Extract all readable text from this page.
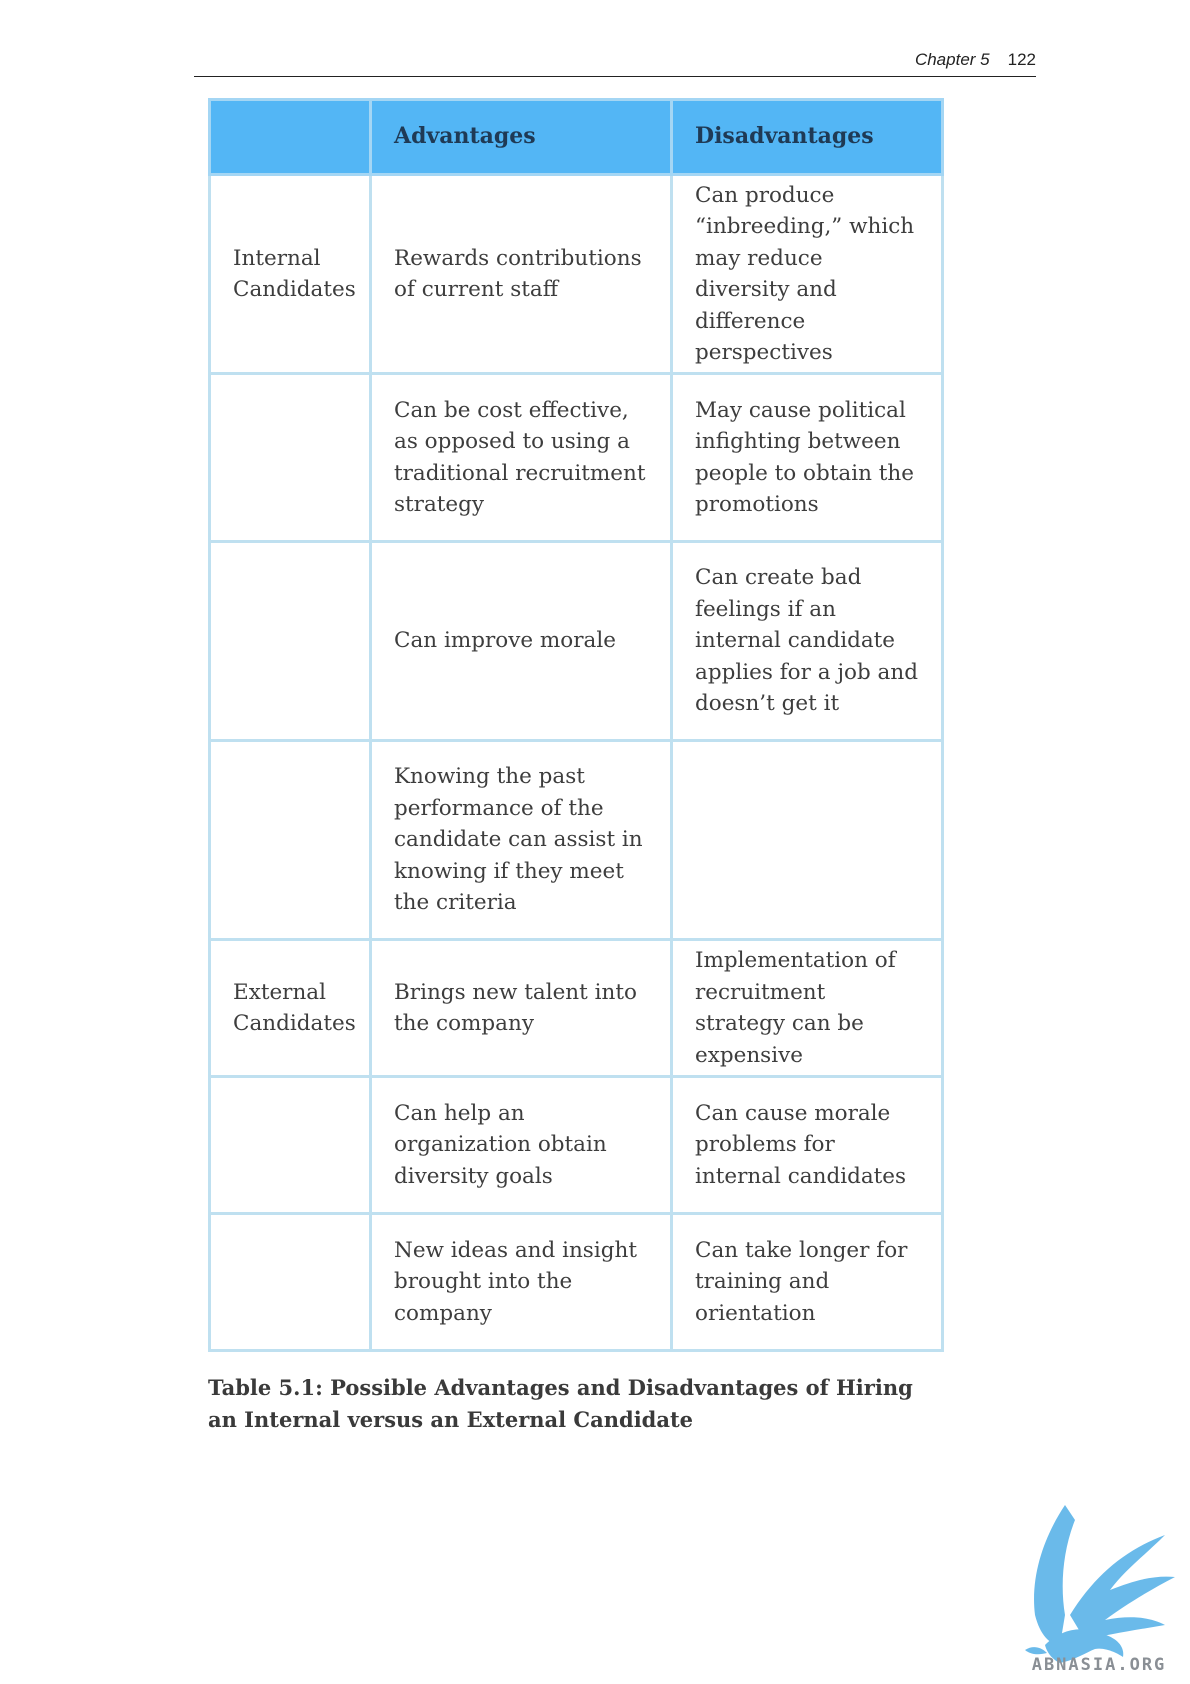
Chapter 5 122
	Advantages	Disadvantages
Internal Candidates	Rewards contributions of current staff	Can produce “inbreeding,” which may reduce diversity and difference perspectives
	Can be cost effective, as opposed to using a traditional recruitment strategy	May cause political infighting between people to obtain the promotions
	Can improve morale	Can create bad feelings if an internal candidate applies for a job and doesn’t get it
	Knowing the past performance of the candidate can assist in knowing if they meet the criteria	
External Candidates	Brings new talent into the company	Implementation of recruitment strategy can be expensive
	Can help an organization obtain diversity goals	Can cause morale problems for internal candidates
	New ideas and insight brought into the company	Can take longer for training and orientation
Table 5.1: Possible Advantages and Disadvantages of Hiring an Internal versus an External Candidate
ABNASIA.ORG
